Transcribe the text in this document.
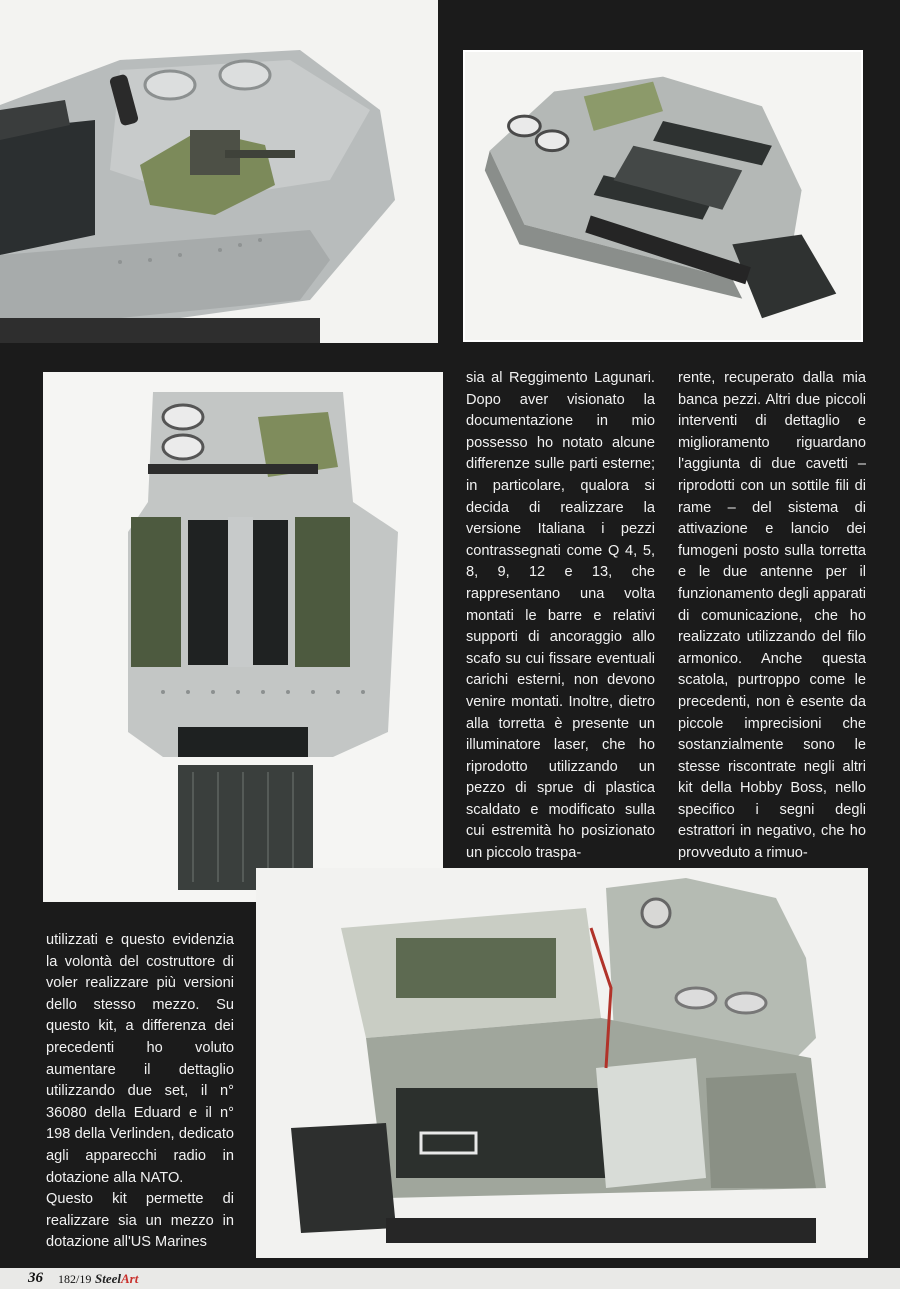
sia al Reggimento Lagunari. Dopo aver visionato la documentazione in mio possesso ho notato alcune differenze sulle parti esterne; in particolare, qualora si decida di realizzare la versione Italiana i pezzi contrassegnati come Q 4, 5, 8, 9, 12 e 13, che rappresentano una volta montati le barre e relativi supporti di ancoraggio allo scafo su cui fissare eventuali carichi esterni, non devono venire montati. Inoltre, dietro alla torretta è presente un illuminatore laser, che ho riprodotto utilizzando un pezzo di sprue di plastica scaldato e modificato sulla cui estremità ho posizionato un piccolo traspa-

rente, recuperato dalla mia banca pezzi. Altri due piccoli interventi di dettaglio e miglioramento riguardano l'aggiunta di due cavetti – riprodotti con un sottile fili di rame – del sistema di attivazione e lancio dei fumogeni posto sulla torretta e le due antenne per il funzionamento degli apparati di comunicazione, che ho realizzato utilizzando del filo armonico. Anche questa scatola, purtroppo come le precedenti, non è esente da piccole imprecisioni che sostanzialmente sono le stesse riscontrate negli altri kit della Hobby Boss, nello specifico i segni degli estrattori in negativo, che ho provveduto a rimuo-

utilizzati e questo evidenzia la volontà del costruttore di voler realizzare più versioni dello stesso mezzo. Su questo kit, a differenza dei precedenti ho voluto aumentare il dettaglio utilizzando due set, il n° 36080 della Eduard e il n° 198 della Verlinden, dedicato agli apparecchi radio in dotazione alla NATO.

Questo kit permette di realizzare sia un mezzo in dotazione all'US Marines

36 182/19 SteelArt
